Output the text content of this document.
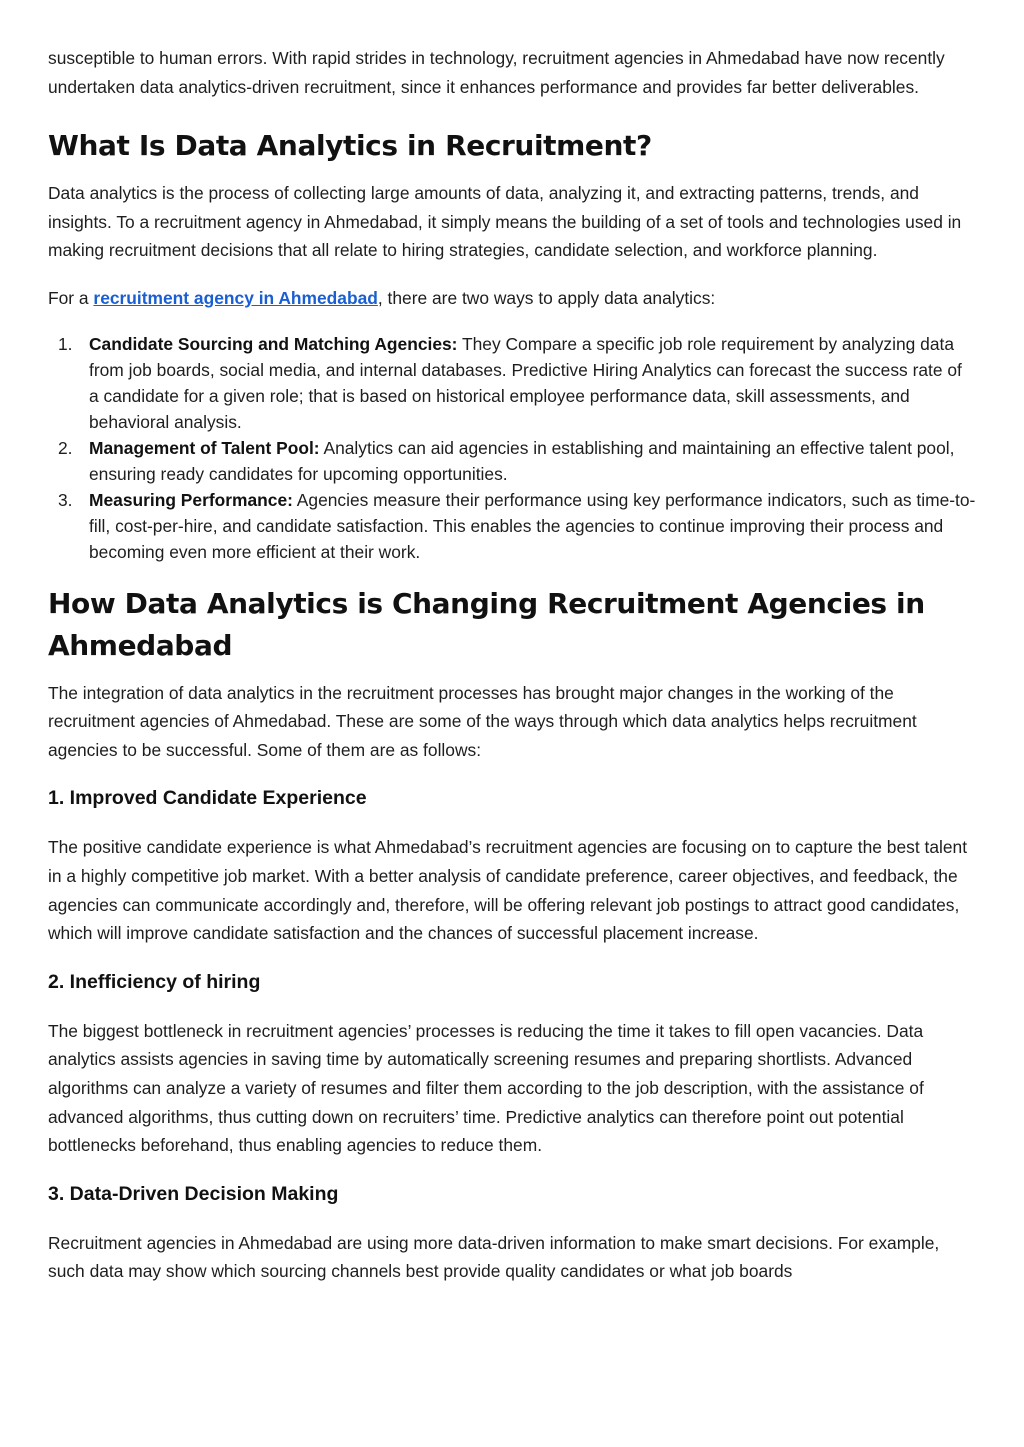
susceptible to human errors. With rapid strides in technology, recruitment agencies in Ahmedabad have now recently undertaken data analytics-driven recruitment, since it enhances performance and provides far better deliverables.

What Is Data Analytics in Recruitment?

Data analytics is the process of collecting large amounts of data, analyzing it, and extracting patterns, trends, and insights. To a recruitment agency in Ahmedabad, it simply means the building of a set of tools and technologies used in making recruitment decisions that all relate to hiring strategies, candidate selection, and workforce planning.

For a recruitment agency in Ahmedabad, there are two ways to apply data analytics:

1. Candidate Sourcing and Matching Agencies: They Compare a specific job role requirement by analyzing data from job boards, social media, and internal databases. Predictive Hiring Analytics can forecast the success rate of a candidate for a given role; that is based on historical employee performance data, skill assessments, and behavioral analysis.
2. Management of Talent Pool: Analytics can aid agencies in establishing and maintaining an effective talent pool, ensuring ready candidates for upcoming opportunities.
3. Measuring Performance: Agencies measure their performance using key performance indicators, such as time-to-fill, cost-per-hire, and candidate satisfaction. This enables the agencies to continue improving their process and becoming even more efficient at their work.
How Data Analytics is Changing Recruitment Agencies in Ahmedabad

The integration of data analytics in the recruitment processes has brought major changes in the working of the recruitment agencies of Ahmedabad. These are some of the ways through which data analytics helps recruitment agencies to be successful. Some of them are as follows:

1. Improved Candidate Experience

The positive candidate experience is what Ahmedabad’s recruitment agencies are focusing on to capture the best talent in a highly competitive job market. With a better analysis of candidate preference, career objectives, and feedback, the agencies can communicate accordingly and, therefore, will be offering relevant job postings to attract good candidates, which will improve candidate satisfaction and the chances of successful placement increase.

2. Inefficiency of hiring

The biggest bottleneck in recruitment agencies’ processes is reducing the time it takes to fill open vacancies. Data analytics assists agencies in saving time by automatically screening resumes and preparing shortlists. Advanced algorithms can analyze a variety of resumes and filter them according to the job description, with the assistance of advanced algorithms, thus cutting down on recruiters’ time. Predictive analytics can therefore point out potential bottlenecks beforehand, thus enabling agencies to reduce them.

3. Data-Driven Decision Making

Recruitment agencies in Ahmedabad are using more data-driven information to make smart decisions. For example, such data may show which sourcing channels best provide quality candidates or what job boards
